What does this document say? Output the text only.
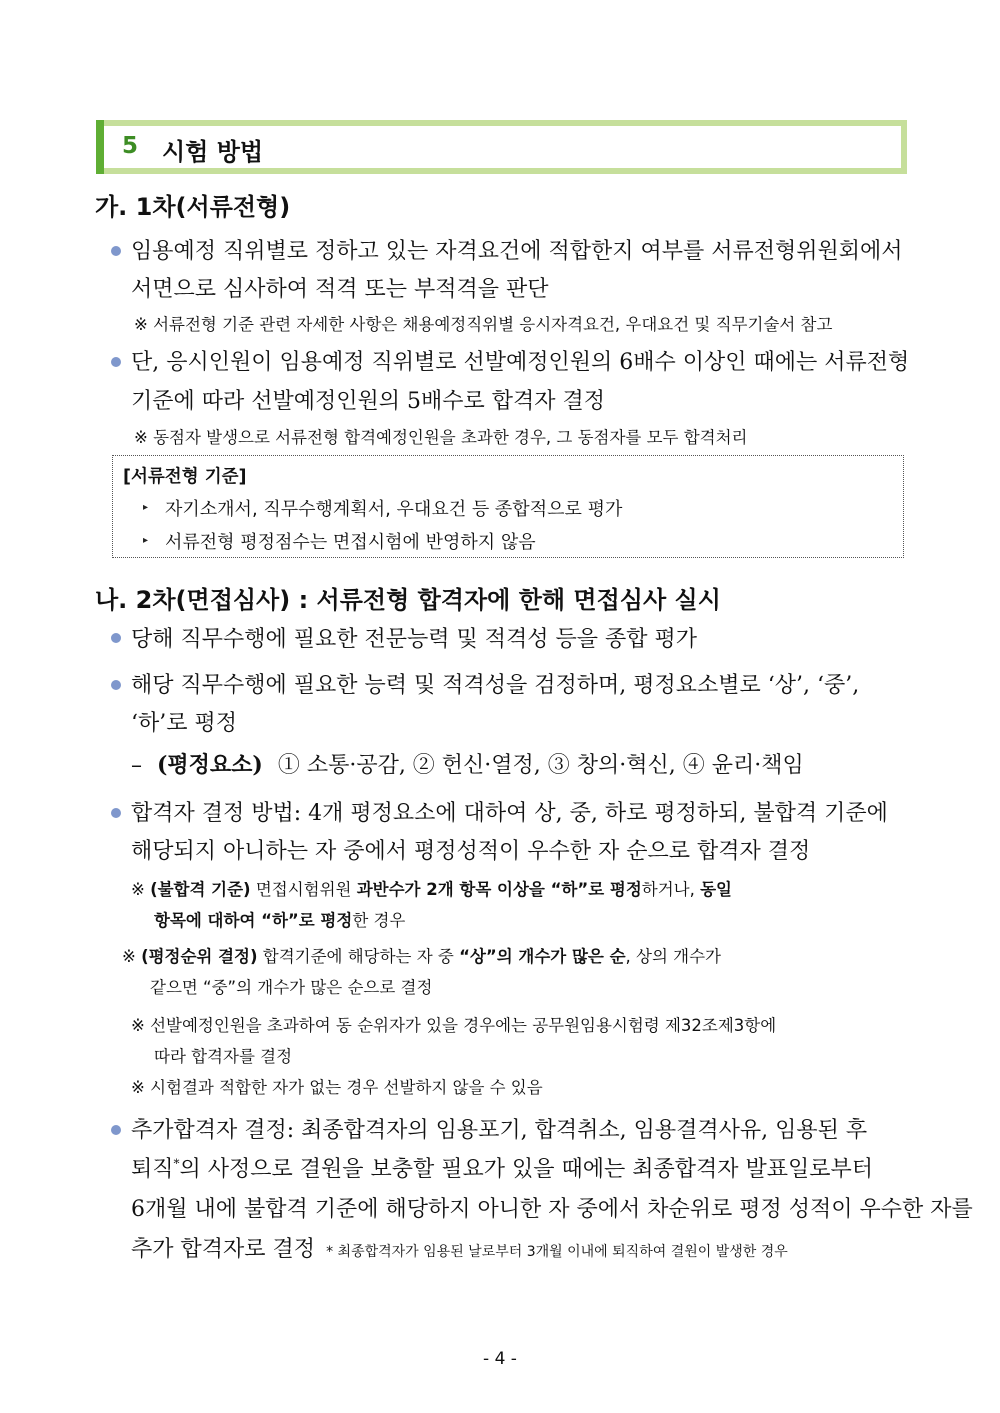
5 시험 방법
가. 1차(서류전형)
임용예정 직위별로 정하고 있는 자격요건에 적합한지 여부를 서류전형위원회에서
서면으로 심사하여 적격 또는 부적격을 판단
※ 서류전형 기준 관련 자세한 사항은 채용예정직위별 응시자격요건, 우대요건 및 직무기술서 참고
단, 응시인원이 임용예정 직위별로 선발예정인원의 6배수 이상인 때에는 서류전형
기준에 따라 선발예정인원의 5배수로 합격자 결정
※ 동점자 발생으로 서류전형 합격예정인원을 초과한 경우, 그 동점자를 모두 합격처리
[서류전형 기준]
▸ 자기소개서, 직무수행계획서, 우대요건 등 종합적으로 평가
▸ 서류전형 평정점수는 면접시험에 반영하지 않음
나. 2차(면접심사) : 서류전형 합격자에 한해 면접심사 실시
당해 직무수행에 필요한 전문능력 및 적격성 등을 종합 평가
해당 직무수행에 필요한 능력 및 적격성을 검정하며, 평정요소별로 ‘상’, ‘중’,
‘하’로 평정
– (평정요소) ① 소통·공감, ② 헌신·열정, ③ 창의·혁신, ④ 윤리·책임
합격자 결정 방법: 4개 평정요소에 대하여 상, 중, 하로 평정하되, 불합격 기준에
해당되지 아니하는 자 중에서 평정성적이 우수한 자 순으로 합격자 결정
※ (불합격 기준) 면접시험위원 과반수가 2개 항목 이상을 “하”로 평정하거나, 동일
항목에 대하여 “하”로 평정한 경우
※ (평정순위 결정) 합격기준에 해당하는 자 중 “상”의 개수가 많은 순, 상의 개수가
같으면 “중”의 개수가 많은 순으로 결정
※ 선발예정인원을 초과하여 동 순위자가 있을 경우에는 공무원임용시험령 제32조제3항에
따라 합격자를 결정
※ 시험결과 적합한 자가 없는 경우 선발하지 않을 수 있음
추가합격자 결정: 최종합격자의 임용포기, 합격취소, 임용결격사유, 임용된 후
퇴직*의 사정으로 결원을 보충할 필요가 있을 때에는 최종합격자 발표일로부터
6개월 내에 불합격 기준에 해당하지 아니한 자 중에서 차순위로 평정 성적이 우수한 자를
추가 합격자로 결정 * 최종합격자가 임용된 날로부터 3개월 이내에 퇴직하여 결원이 발생한 경우
- 4 -
